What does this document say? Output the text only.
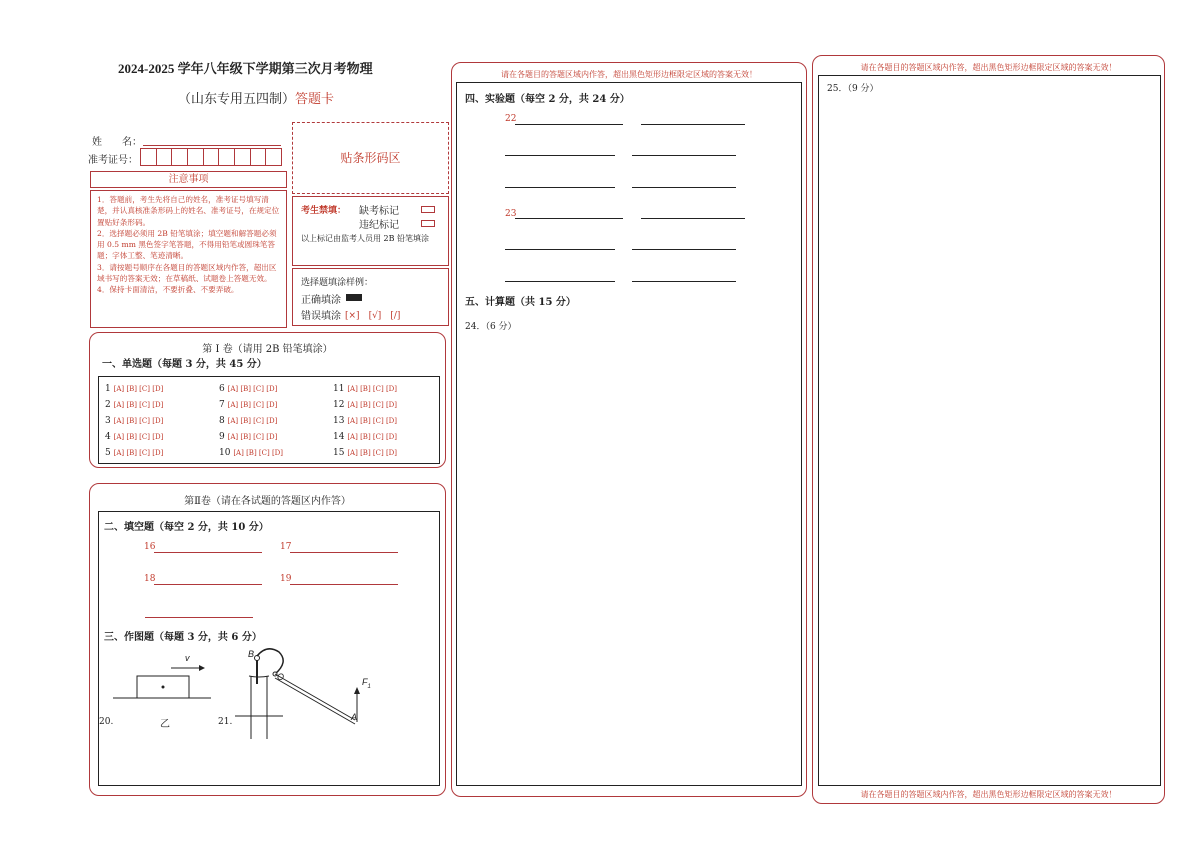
2024-2025 学年八年级下学期第三次月考物理
（山东专用五四制）答题卡
姓　　名：
准考证号：	贴条形码区
注意事项
1．答题前，考生先将自己的姓名，准考证号填写清楚，并认真核准条形码上的姓名、准考证号，在规定位置贴好条形码。
2．选择题必须用 2B 铅笔填涂；填空题和解答题必须用 0.5 mm 黑色签字笔答题，不得用铅笔或圆珠笔答题；字体工整、笔迹清晰。
3．请按题号顺序在各题目的答题区域内作答，超出区域书写的答案无效；在草稿纸、试题卷上答题无效。
4．保持卡面清洁，不要折叠、不要弄破。
考生禁填： 缺考标记
违纪标记
以上标记由监考人员用 2B 铅笔填涂
选择题填涂样例：
正确填涂
错误填涂 [×]　[√]　[/]
第 I 卷（请用 2B 铅笔填涂）
一、单选题（每题 3 分，共 45 分）
1 [A] [B] [C] [D]
2 [A] [B] [C] [D]
3 [A] [B] [C] [D]
4 [A] [B] [C] [D]
5 [A] [B] [C] [D]
6 [A] [B] [C] [D]
7 [A] [B] [C] [D]
8 [A] [B] [C] [D]
9 [A] [B] [C] [D]
10 [A] [B] [C] [D]
11 [A] [B] [C] [D]
12 [A] [B] [C] [D]
13 [A] [B] [C] [D]
14 [A] [B] [C] [D]
15 [A] [B] [C] [D]
第Ⅱ卷（请在各试题的答题区内作答）
二、填空题（每空 2 分，共 10 分）
16	17
18	19
三、作图题（每题 3 分，共 6 分）
v
20.	乙
B
O	$F_1$
A
21.
请在各题目的答题区域内作答，超出黑色矩形边框限定区域的答案无效！
四、实验题（每空 2 分，共 24 分）
22
23
五、计算题（共 15 分）
24．（6 分）
请在各题目的答题区域内作答，超出黑色矩形边框限定区域的答案无效！
25．（9 分）
请在各题目的答题区域内作答，超出黑色矩形边框限定区域的答案无效！
